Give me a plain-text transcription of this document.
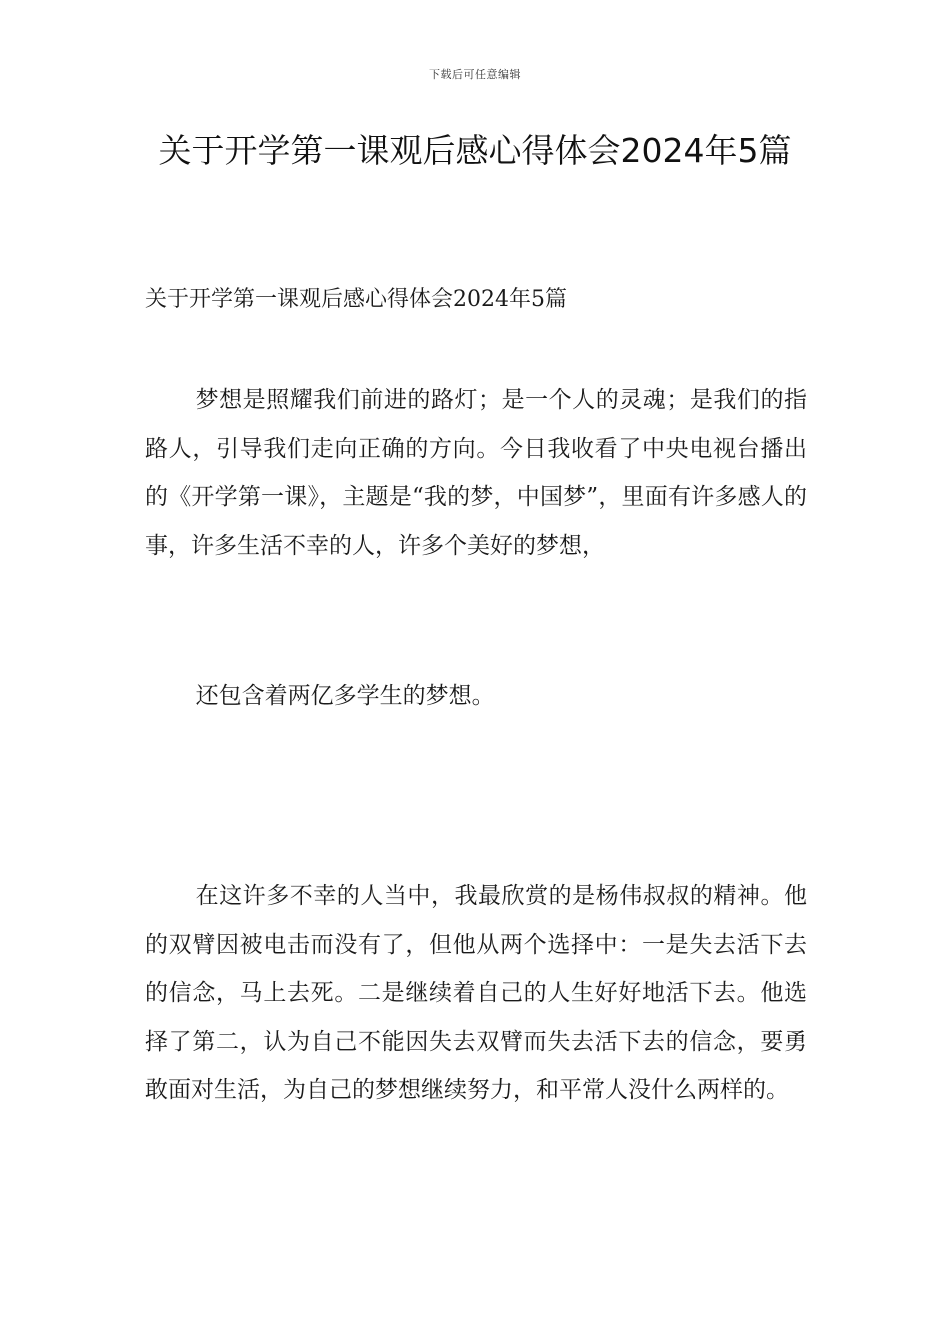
下载后可任意编辑
关于开学第一课观后感心得体会2024年5篇

关于开学第一课观后感心得体会2024年5篇

梦想是照耀我们前进的路灯；是一个人的灵魂；是我们的指路人，引导我们走向正确的方向。今日我收看了中央电视台播出的《开学第一课》，主题是“我的梦，中国梦”，里面有许多感人的事，许多生活不幸的人，许多个美好的梦想，

还包含着两亿多学生的梦想。

在这许多不幸的人当中，我最欣赏的是杨伟叔叔的精神。他的双臂因被电击而没有了，但他从两个选择中：一是失去活下去的信念，马上去死。二是继续着自己的人生好好地活下去。他选择了第二，认为自己不能因失去双臂而失去活下去的信念，要勇敢面对生活，为自己的梦想继续努力，和平常人没什么两样的。
